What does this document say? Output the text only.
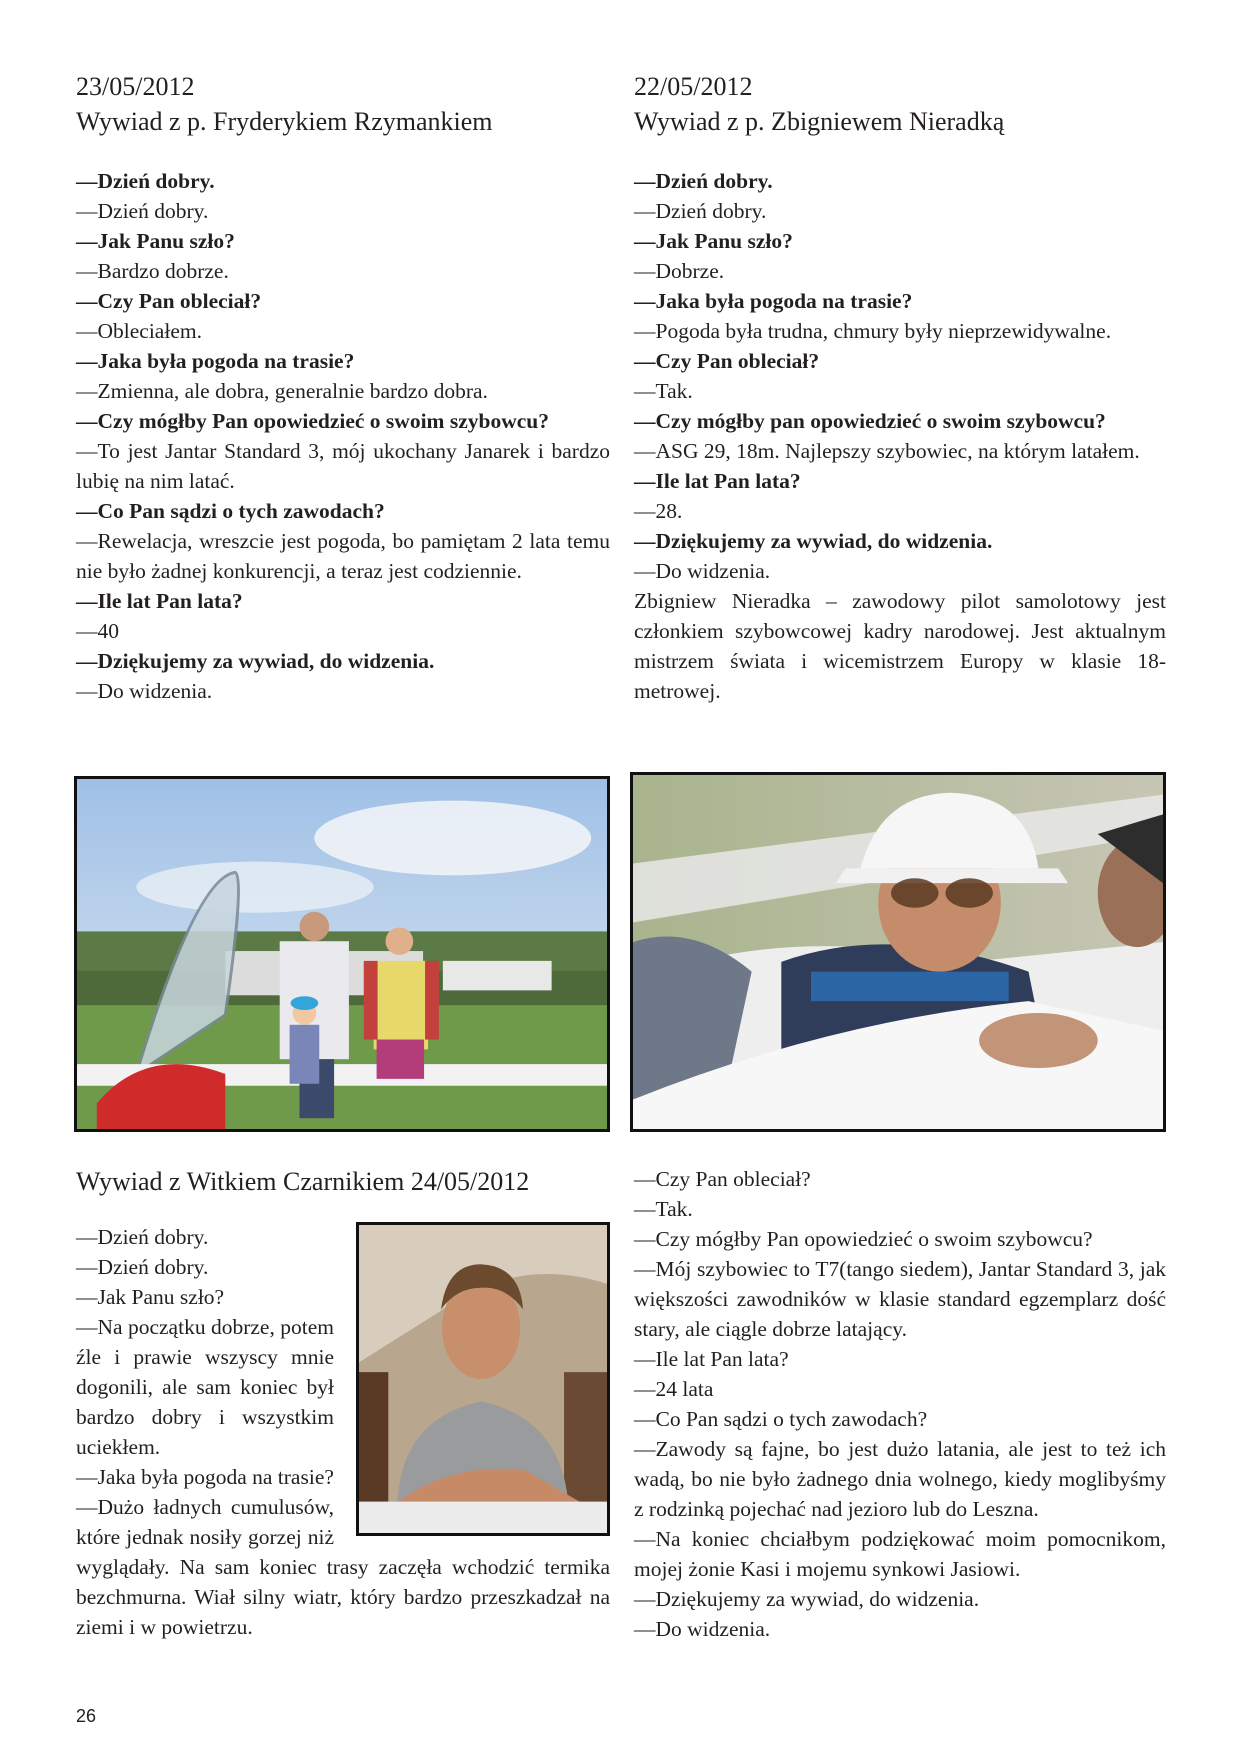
23/05/2012

Wywiad z p. Fryderykiem Rzymankiem

—Dzień dobry.

—Dzień dobry.

—Jak Panu szło?

—Bardzo dobrze.

—Czy Pan obleciał?

—Obleciałem.

—Jaka była pogoda na trasie?

—Zmienna, ale dobra, generalnie bardzo dobra.

—Czy mógłby Pan opowiedzieć o swoim szybowcu?

—To jest Jantar Standard 3, mój ukochany Janarek i bardzo lubię na nim latać.

—Co Pan sądzi o tych zawodach?

—Rewelacja, wreszcie jest pogoda, bo pamiętam 2 lata temu nie było żadnej konkurencji, a teraz jest codziennie.

—Ile lat Pan lata?

—40

—Dziękujemy za wywiad, do widzenia.

—Do widzenia.

22/05/2012

Wywiad z p. Zbigniewem Nieradką

—Dzień dobry.

—Dzień dobry.

—Jak Panu szło?

—Dobrze.

—Jaka była pogoda na trasie?

—Pogoda była trudna, chmury były nieprzewidywalne.

—Czy Pan obleciał?

—Tak.

—Czy mógłby pan opowiedzieć o swoim szybowcu?

—ASG 29, 18m. Najlepszy szybowiec, na którym latałem.

—Ile lat Pan lata?

—28.

—Dziękujemy za wywiad, do widzenia.

—Do widzenia.

Zbigniew Nieradka – zawodowy pilot samolotowy jest członkiem szybowcowej kadry narodowej. Jest aktualnym mistrzem świata i wicemistrzem Europy w klasie 18-metrowej.

Wywiad z Witkiem Czarnikiem 24/05/2012

—Dzień dobry.

—Dzień dobry.

—Jak Panu szło?

—Na początku dobrze, potem źle i prawie wszyscy mnie dogonili, ale sam koniec był bardzo dobry i wszystkim uciekłem.

—Jaka była pogoda na trasie?

—Dużo ładnych cumulusów, które jednak nosiły gorzej niż wyglądały. Na sam koniec trasy zaczęła wchodzić termika bezchmurna. Wiał silny wiatr, który bardzo przeszkadzał na ziemi i w powietrzu.

—Czy Pan obleciał?

—Tak.

—Czy mógłby Pan opowiedzieć o swoim szybowcu?

—Mój szybowiec to T7(tango siedem), Jantar Standard 3, jak większości zawodników w klasie standard egzemplarz dość stary, ale ciągle dobrze latający.

—Ile lat Pan lata?

—24 lata

—Co Pan sądzi o tych zawodach?

—Zawody są fajne, bo jest dużo latania, ale jest to też ich wadą, bo nie było żadnego dnia wolnego, kiedy moglibyśmy z rodzinką pojechać nad jezioro lub do Leszna.

—Na koniec chciałbym podziękować moim pomocnikom, mojej żonie Kasi i mojemu synkowi Jasiowi.

—Dziękujemy za wywiad, do widzenia.

—Do widzenia.

26
